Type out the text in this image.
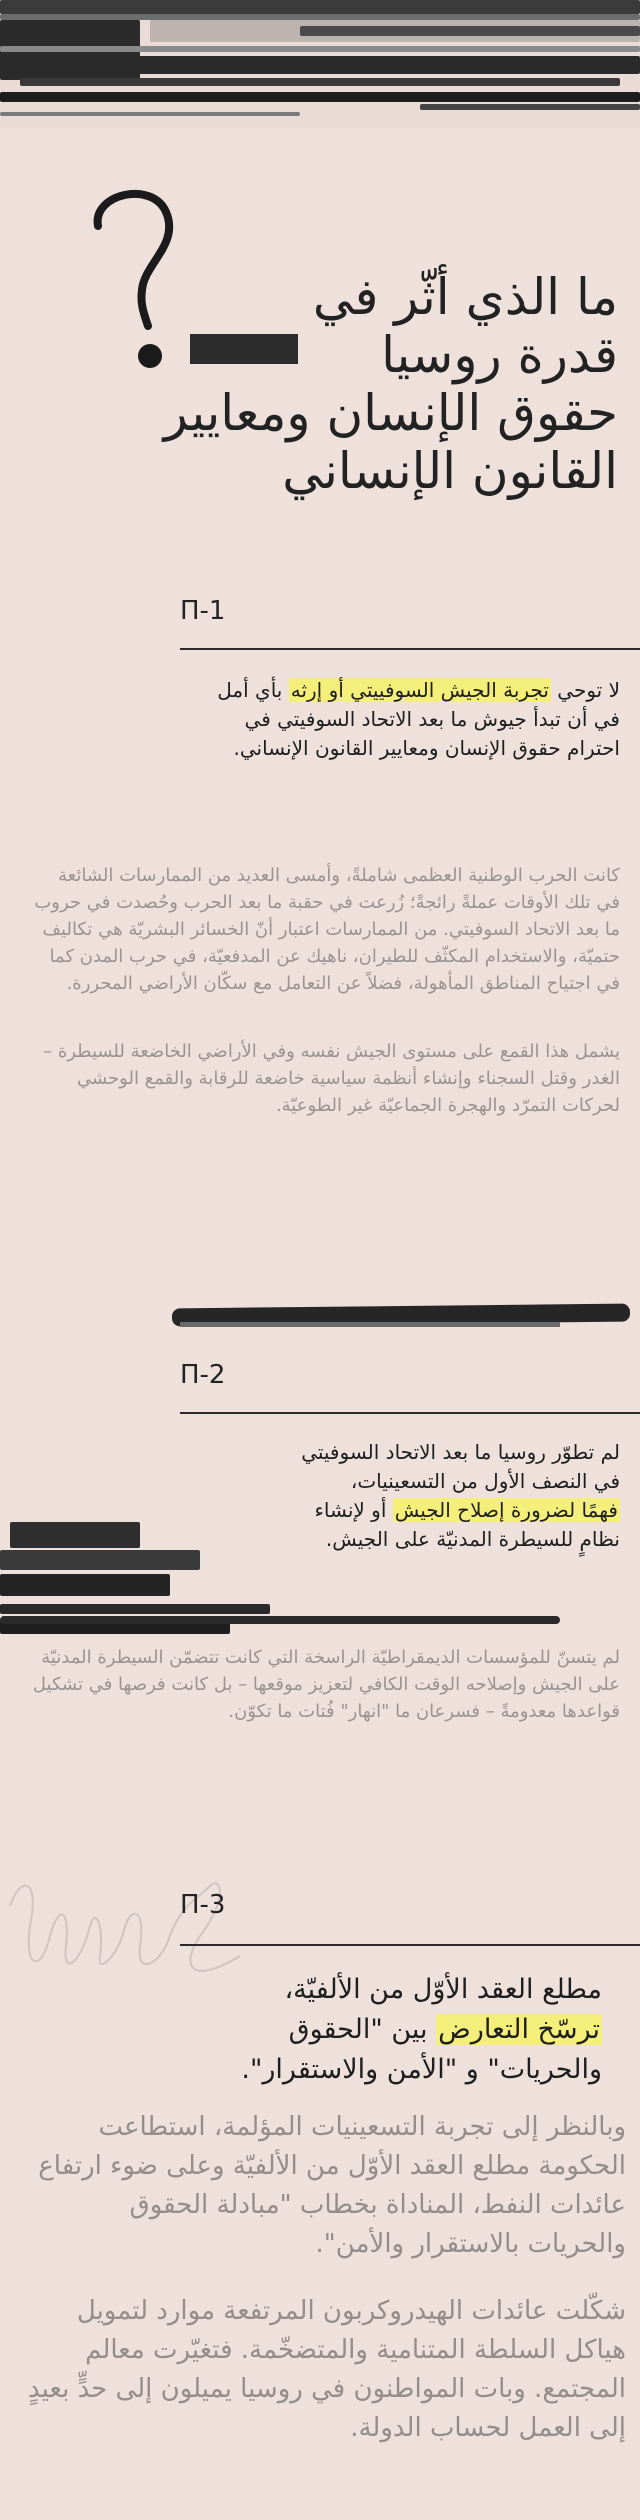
ما الذي أثّر في
قدرة روسيا
حقوق الإنسان ومعايير
القانون الإنساني
П-1
لا توحي تجربة الجيش السوفييتي أو إرثه بأي أمل في أن تبدأ جيوش ما بعد الاتحاد السوفيتي في احترام حقوق الإنسان ومعايير القانون الإنساني.

كانت الحرب الوطنية العظمى شاملةً، وأمسى العديد من الممارسات الشائعة في تلك الأوقات عملةً رائجةً؛ زُرعت في حقبة ما بعد الحرب وحُصدت في حروب ما بعد الاتحاد السوفيتي. من الممارسات اعتبار أنّ الخسائر البشريّة هي تكاليف حتميّة، والاستخدام المكثّف للطيران، ناهيك عن المدفعيّة، في حرب المدن كما في اجتياح المناطق المأهولة، فضلاً عن التعامل مع سكّان الأراضي المحررة.

يشمل هذا القمع على مستوى الجيش نفسه وفي الأراضي الخاضعة للسيطرة – الغدر وقتل السجناء وإنشاء أنظمة سياسية خاضعة للرقابة والقمع الوحشي لحركات التمرّد والهجرة الجماعيّة غير الطوعيّة.

П-2
لم تطوّر روسيا ما بعد الاتحاد السوفيتي
في النصف الأول من التسعينيات،
فهمًا لضرورة إصلاح الجيش أو لإنشاء
نظامٍ للسيطرة المدنيّة على الجيش.

لم يتسنّ للمؤسسات الديمقراطيّة الراسخة التي كانت تتضمّن السيطرة المدنيّة على الجيش وإصلاحه الوقت الكافي لتعزيز موقعها – بل كانت فرصها في تشكيل قواعدها معدومةً – فسرعان ما "انهار" فُتات ما تكوّن.

П-3
مطلع العقد الأوّل من الألفيّة،
ترسّخ التعارض بين "الحقوق
والحريات" و "الأمن والاستقرار".

وبالنظر إلى تجربة التسعينيات المؤلمة، استطاعت الحكومة مطلع العقد الأوّل من الألفيّة وعلى ضوء ارتفاع عائدات النفط، المناداة بخطاب "مبادلة الحقوق والحريات بالاستقرار والأمن".

شكّلت عائدات الهيدروكربون المرتفعة موارد لتمويل هياكل السلطة المتنامية والمتضخّمة. فتغيّرت معالم المجتمع. وبات المواطنون في روسيا يميلون إلى حدٍّ بعيدٍ إلى العمل لحساب الدولة.
